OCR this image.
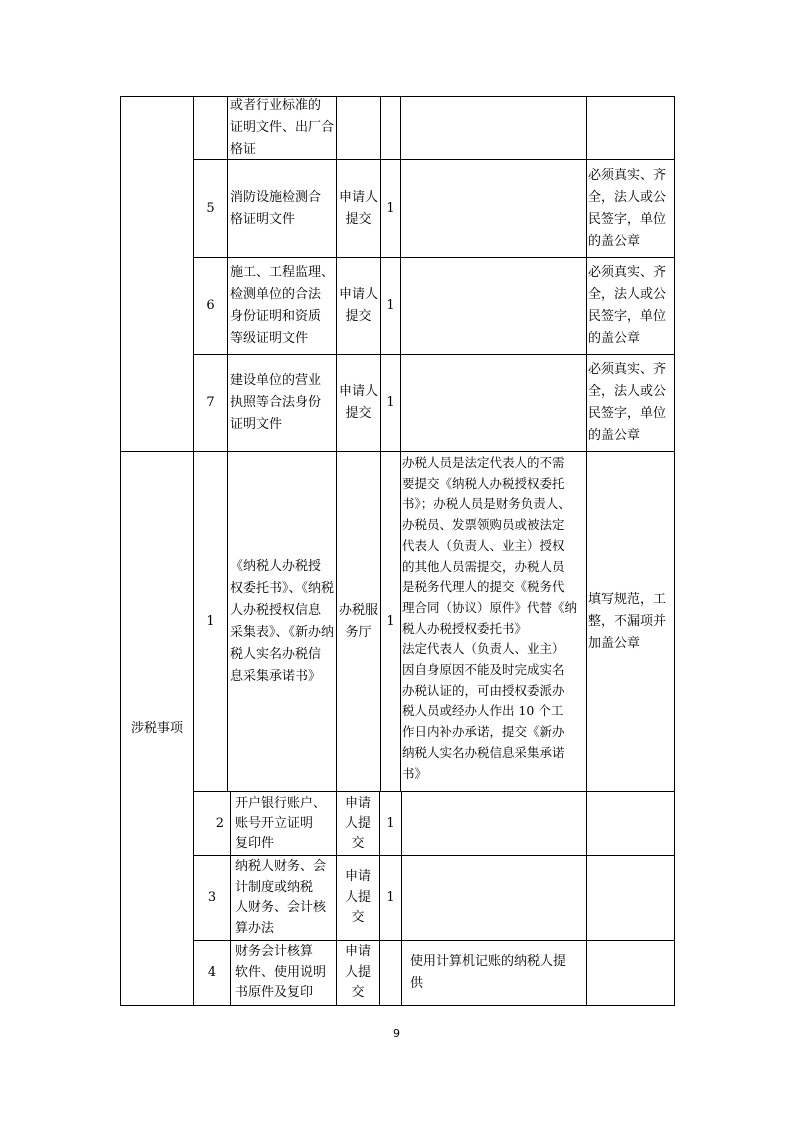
涉税事项
或者行业标准的
证明文件、出厂合
格证
5
消防设施检测合
格证明文件
申请人
提交
1
必须真实、齐
全，法人或公
民签字，单位
的盖公章
6
施工、工程监理、
检测单位的合法
身份证明和资质
等级证明文件
申请人
提交
1
必须真实、齐
全，法人或公
民签字，单位
的盖公章
7
建设单位的营业
执照等合法身份
证明文件
申请人
提交
1
必须真实、齐
全，法人或公
民签字，单位
的盖公章
1
《纳税人办税授
权委托书》、《纳税
人办税授权信息
采集表》、《新办纳
税人实名办税信
息采集承诺书》
办税服
务厅
1
办税人员是法定代表人的不需
要提交《纳税人办税授权委托
书》；办税人员是财务负责人、
办税员、发票领购员或被法定
代表人（负责人、业主）授权
的其他人员需提交，办税人员
是税务代理人的提交《税务代
理合同（协议）原件》代替《纳
税人办税授权委托书》
法定代表人（负责人、业主）
因自身原因不能及时完成实名
办税认证的，可由授权委派办
税人员或经办人作出 10 个工
作日内补办承诺，提交《新办
纳税人实名办税信息采集承诺
书》
填写规范，工
整，不漏项并
加盖公章
2
开户银行账户、
账号开立证明
复印件
申请
人提
交
1
3
纳税人财务、会
计制度或纳税
人财务、会计核
算办法
申请
人提
交
1
4
财务会计核算
软件、使用说明
书原件及复印
申请
人提
交
使用计算机记账的纳税人提
供
9
